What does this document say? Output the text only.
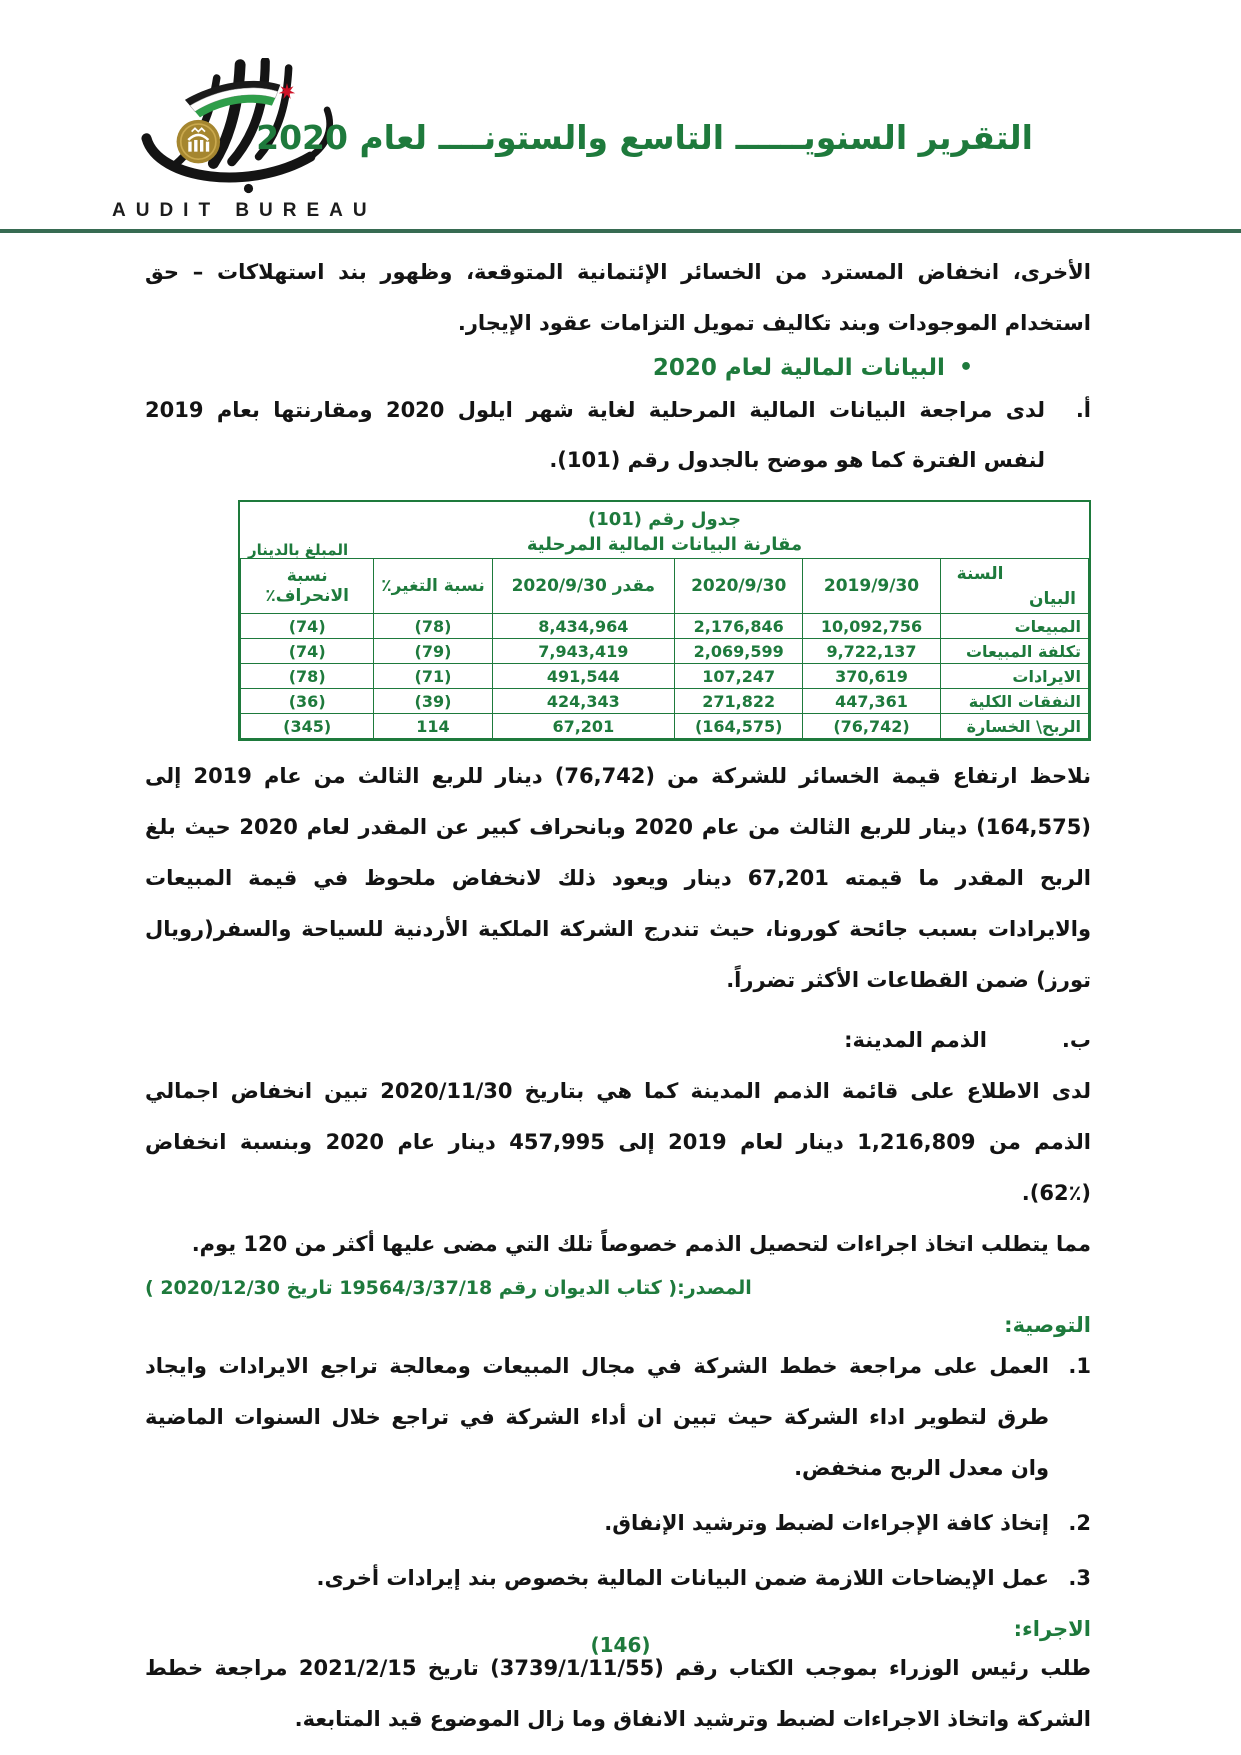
AUDIT BUREAU
التقرير السنويــــــ التاسع والستونــــ لعام 2020
الأخرى، انخفاض المسترد من الخسائر الإئتمانية المتوقعة، وظهور بند استهلاكات – حق استخدام الموجودات وبند تكاليف تمويل التزامات عقود الإيجار.
•
البيانات المالية لعام 2020
أ.
لدى مراجعة البيانات المالية المرحلية لغاية شهر ايلول 2020 ومقارنتها بعام 2019 لنفس الفترة كما هو موضح بالجدول رقم (101).
جدول رقم (101)
مقارنة البيانات المالية المرحلية
المبلغ بالدينار
السنة
البيان	2019/9/30	2020/9/30	مقدر 2020/9/30	نسبة التغير٪	نسبة الانحراف٪
المبيعات	10,092,756	2,176,846	8,434,964	(78)	(74)
تكلفة المبيعات	9,722,137	2,069,599	7,943,419	(79)	(74)
الايرادات	370,619	107,247	491,544	(71)	(78)
النفقات الكلية	447,361	271,822	424,343	(39)	(36)
الربح\ الخسارة	(76,742)	(164,575)	67,201	114	(345)
نلاحظ ارتفاع قيمة الخسائر للشركة من (76,742) دينار للربع الثالث من عام 2019 إلى (164,575) دينار للربع الثالث من عام 2020 وبانحراف كبير عن المقدر لعام 2020 حيث بلغ الربح المقدر ما قيمته 67,201 دينار ويعود ذلك لانخفاض ملحوظ في قيمة المبيعات والايرادات بسبب جائحة كورونا، حيث تندرج الشركة الملكية الأردنية للسياحة والسفر(رويال تورز) ضمن القطاعات الأكثر تضرراً.
ب.
الذمم المدينة:
لدى الاطلاع على قائمة الذمم المدينة كما هي بتاريخ 2020/11/30 تبين انخفاض اجمالي الذمم من 1,216,809 دينار لعام 2019 إلى 457,995 دينار عام 2020 وبنسبة انخفاض (٪62).
مما يتطلب اتخاذ اجراءات لتحصيل الذمم خصوصاً تلك التي مضى عليها أكثر من 120 يوم.
المصدر:( كتاب الديوان رقم 19564/3/37/18 تاريخ 2020/12/30 )
التوصية:
1.
العمل على مراجعة خطط الشركة في مجال المبيعات ومعالجة تراجع الايرادات وايجاد طرق لتطوير اداء الشركة حيث تبين ان أداء الشركة في تراجع خلال السنوات الماضية وان معدل الربح منخفض.
2.
إتخاذ كافة الإجراءات لضبط وترشيد الإنفاق.
3.
عمل الإيضاحات اللازمة ضمن البيانات المالية بخصوص بند إيرادات أخرى.
الاجراء:
طلب رئيس الوزراء بموجب الكتاب رقم (3739/1/11/55) تاريخ 2021/2/15 مراجعة خطط الشركة واتخاذ الاجراءات لضبط وترشيد الانفاق وما زال الموضوع قيد المتابعة.
(146)
